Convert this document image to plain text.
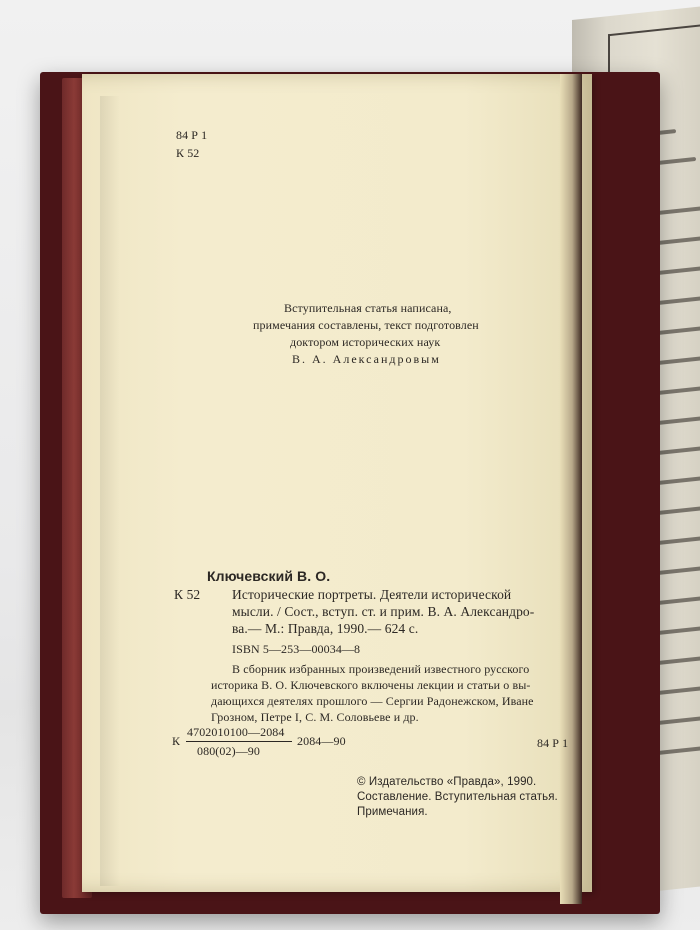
84 Р 1
К 52
Вступительная статья написана,
примечания составлены, текст подготовлен
доктором исторических наук
В. А. Александровым
Ключевский В. О.
К 52 Исторические портреты. Деятели исторической
мысли. / Сост., вступ. ст. и прим. В. А. Александро-
ва.— М.: Правда, 1990.— 624 с.
ISBN 5—253—00034—8
В сборник избранных произведений известного русского
историка В. О. Ключевского включены лекции и статьи о вы-
дающихся деятелях прошлого — Сергии Радонежском, Иване
Грозном, Петре I, С. М. Соловьеве и др.
К
4702010100—2084
080(02)—90
2084—90	84 Р 1
© Издательство «Правда», 1990.
Составление. Вступительная статья.
Примечания.
